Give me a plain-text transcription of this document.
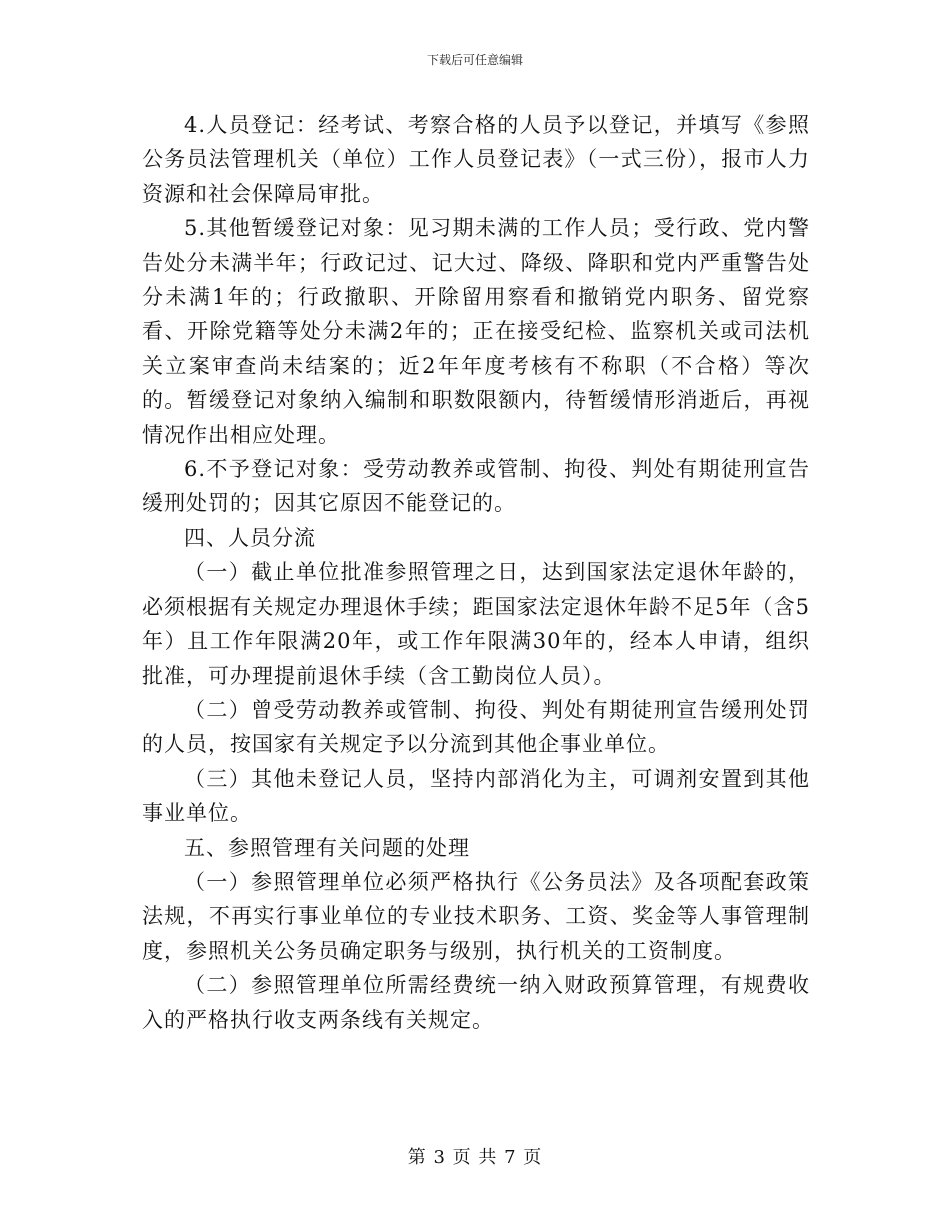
下载后可任意编辑

4.人员登记：经考试、考察合格的人员予以登记，并填写《参照公务员法管理机关（单位）工作人员登记表》（一式三份），报市人力资源和社会保障局审批。

5.其他暂缓登记对象：见习期未满的工作人员；受行政、党内警告处分未满半年；行政记过、记大过、降级、降职和党内严重警告处分未满1年的；行政撤职、开除留用察看和撤销党内职务、留党察看、开除党籍等处分未满2年的；正在接受纪检、监察机关或司法机关立案审查尚未结案的；近2年年度考核有不称职（不合格）等次的。暂缓登记对象纳入编制和职数限额内，待暂缓情形消逝后，再视情况作出相应处理。

6.不予登记对象：受劳动教养或管制、拘役、判处有期徒刑宣告缓刑处罚的；因其它原因不能登记的。

四、人员分流

（一）截止单位批准参照管理之日，达到国家法定退休年龄的，必须根据有关规定办理退休手续；距国家法定退休年龄不足5年（含5年）且工作年限满20年，或工作年限满30年的，经本人申请，组织批准，可办理提前退休手续（含工勤岗位人员）。

（二）曾受劳动教养或管制、拘役、判处有期徒刑宣告缓刑处罚的人员，按国家有关规定予以分流到其他企事业单位。

（三）其他未登记人员，坚持内部消化为主，可调剂安置到其他事业单位。

五、参照管理有关问题的处理

（一）参照管理单位必须严格执行《公务员法》及各项配套政策法规，不再实行事业单位的专业技术职务、工资、奖金等人事管理制度，参照机关公务员确定职务与级别，执行机关的工资制度。

（二）参照管理单位所需经费统一纳入财政预算管理，有规费收入的严格执行收支两条线有关规定。

第 3 页 共 7 页
